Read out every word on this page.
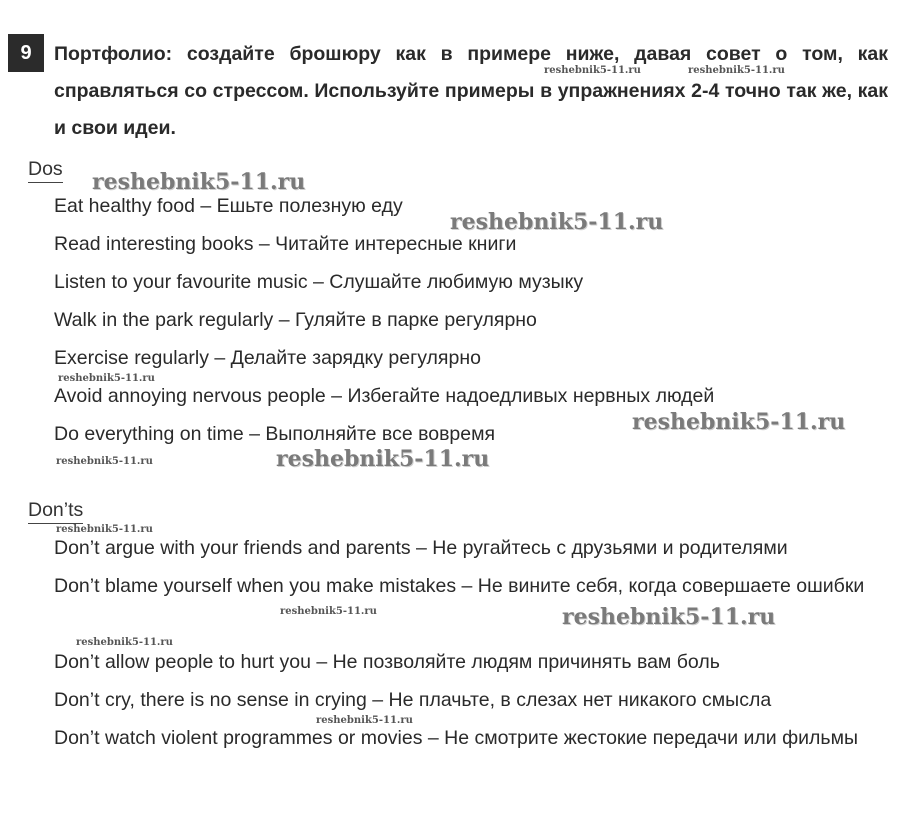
9	Портфолио: создайте брошюру как в примере ниже, давая совет о том, как справляться со стрессом. Используйте примеры в упражнениях 2-4 точно так же, как и свои идеи.
Dos
Eat healthy food – Ешьте полезную еду
Read interesting books – Читайте интересные книги
Listen to your favourite music – Слушайте любимую музыку
Walk in the park regularly – Гуляйте в парке регулярно
Exercise regularly – Делайте зарядку регулярно
Avoid annoying nervous people – Избегайте надоедливых нервных людей
Do everything on time – Выполняйте все вовремя
Don’ts
Don’t argue with your friends and parents – Не ругайтесь с друзьями и родителями
Don’t blame yourself when you make mistakes – Не вините себя, когда совершаете ошибки
Don’t allow people to hurt you – Не позволяйте людям причинять вам боль
Don’t cry, there is no sense in crying – Не плачьте, в слезах нет никакого смысла
Don’t watch violent programmes or movies – Не смотрите жестокие передачи или фильмы
reshebnik5-11.ru	reshebnik5-11.ru
reshebnik5-11.ru
reshebnik5-11.ru
reshebnik5-11.ru
reshebnik5-11.ru
reshebnik5-11.ru	reshebnik5-11.ru
reshebnik5-11.ru
reshebnik5-11.ru	reshebnik5-11.ru
reshebnik5-11.ru
reshebnik5-11.ru
